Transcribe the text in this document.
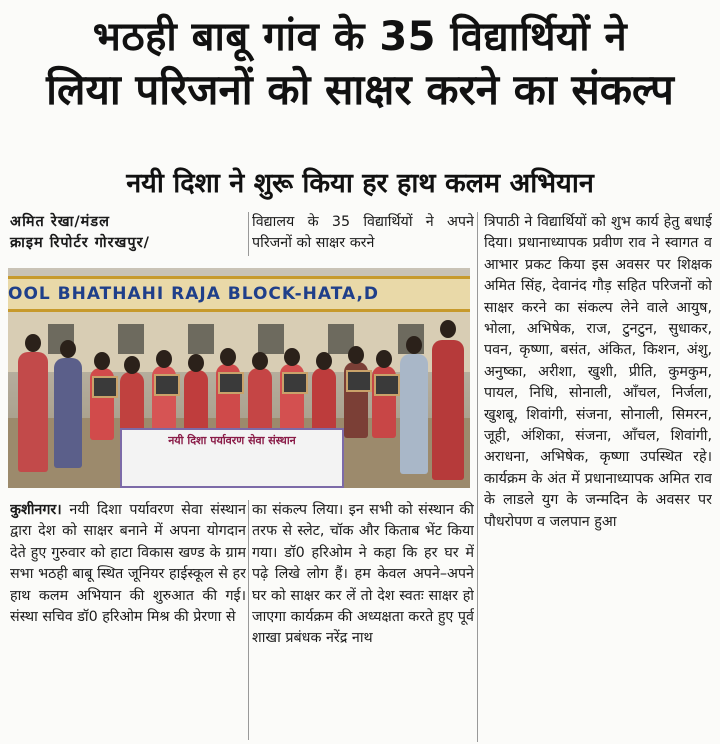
भठही बाबू गांव के 35 विद्यार्थियों ने
लिया परिजनों को साक्षर करने का संकल्प
नयी दिशा ने शुरू किया हर हाथ कलम अभियान
अमित रेखा/मंडल
क्राइम रिपोर्टर गोरखपुर/
विद्यालय के 35 विद्यार्थियों ने अपने परिजनों को साक्षर करने
OOL BHATHAHI RAJA BLOCK-HATA,D
नयी दिशा पर्यावरण सेवा संस्थान
कुशीनगर। नयी दिशा पर्यावरण सेवा संस्थान द्वारा देश को साक्षर बनाने में अपना योगदान देते हुए गुरुवार को हाटा विकास खण्ड के ग्राम सभा भठही बाबू स्थित जूनियर हाईस्कूल से हर हाथ कलम अभियान की शुरुआत की गई। संस्था सचिव डॉ0 हरिओम मिश्र की प्रेरणा से
का संकल्प लिया। इन सभी को संस्थान की तरफ से स्लेट, चॉक और किताब भेंट किया गया। डॉ0 हरिओम ने कहा कि हर घर में पढ़े लिखे लोग हैं। हम केवल अपने–अपने घर को साक्षर कर लें तो देश स्वतः साक्षर हो जाएगा कार्यक्रम की अध्यक्षता करते हुए पूर्व शाखा प्रबंधक नरेंद्र नाथ
त्रिपाठी ने विद्यार्थियों को शुभ कार्य हेतु बधाई दिया। प्रधानाध्यापक प्रवीण राव ने स्वागत व आभार प्रकट किया इस अवसर पर शिक्षक अमित सिंह, देवानंद गौड़ सहित परिजनों को साक्षर करने का संकल्प लेने वाले आयुष, भोला, अभिषेक, राज, टुनटुन, सुधाकर, पवन, कृष्णा, बसंत, अंकित, किशन, अंशु, अनुष्का, अरीशा, खुशी, प्रीति, कुमकुम, पायल, निधि, सोनाली, आँचल, निर्जला, खुशबू, शिवांगी, संजना, सोनाली, सिमरन, जूही, अंशिका, संजना, आँचल, शिवांगी, अराधना, अभिषेक, कृष्णा उपस्थित रहे। कार्यक्रम के अंत में प्रधानाध्यापक अमित राव के लाडले युग के जन्मदिन के अवसर पर पौधरोपण व जलपान हुआ
